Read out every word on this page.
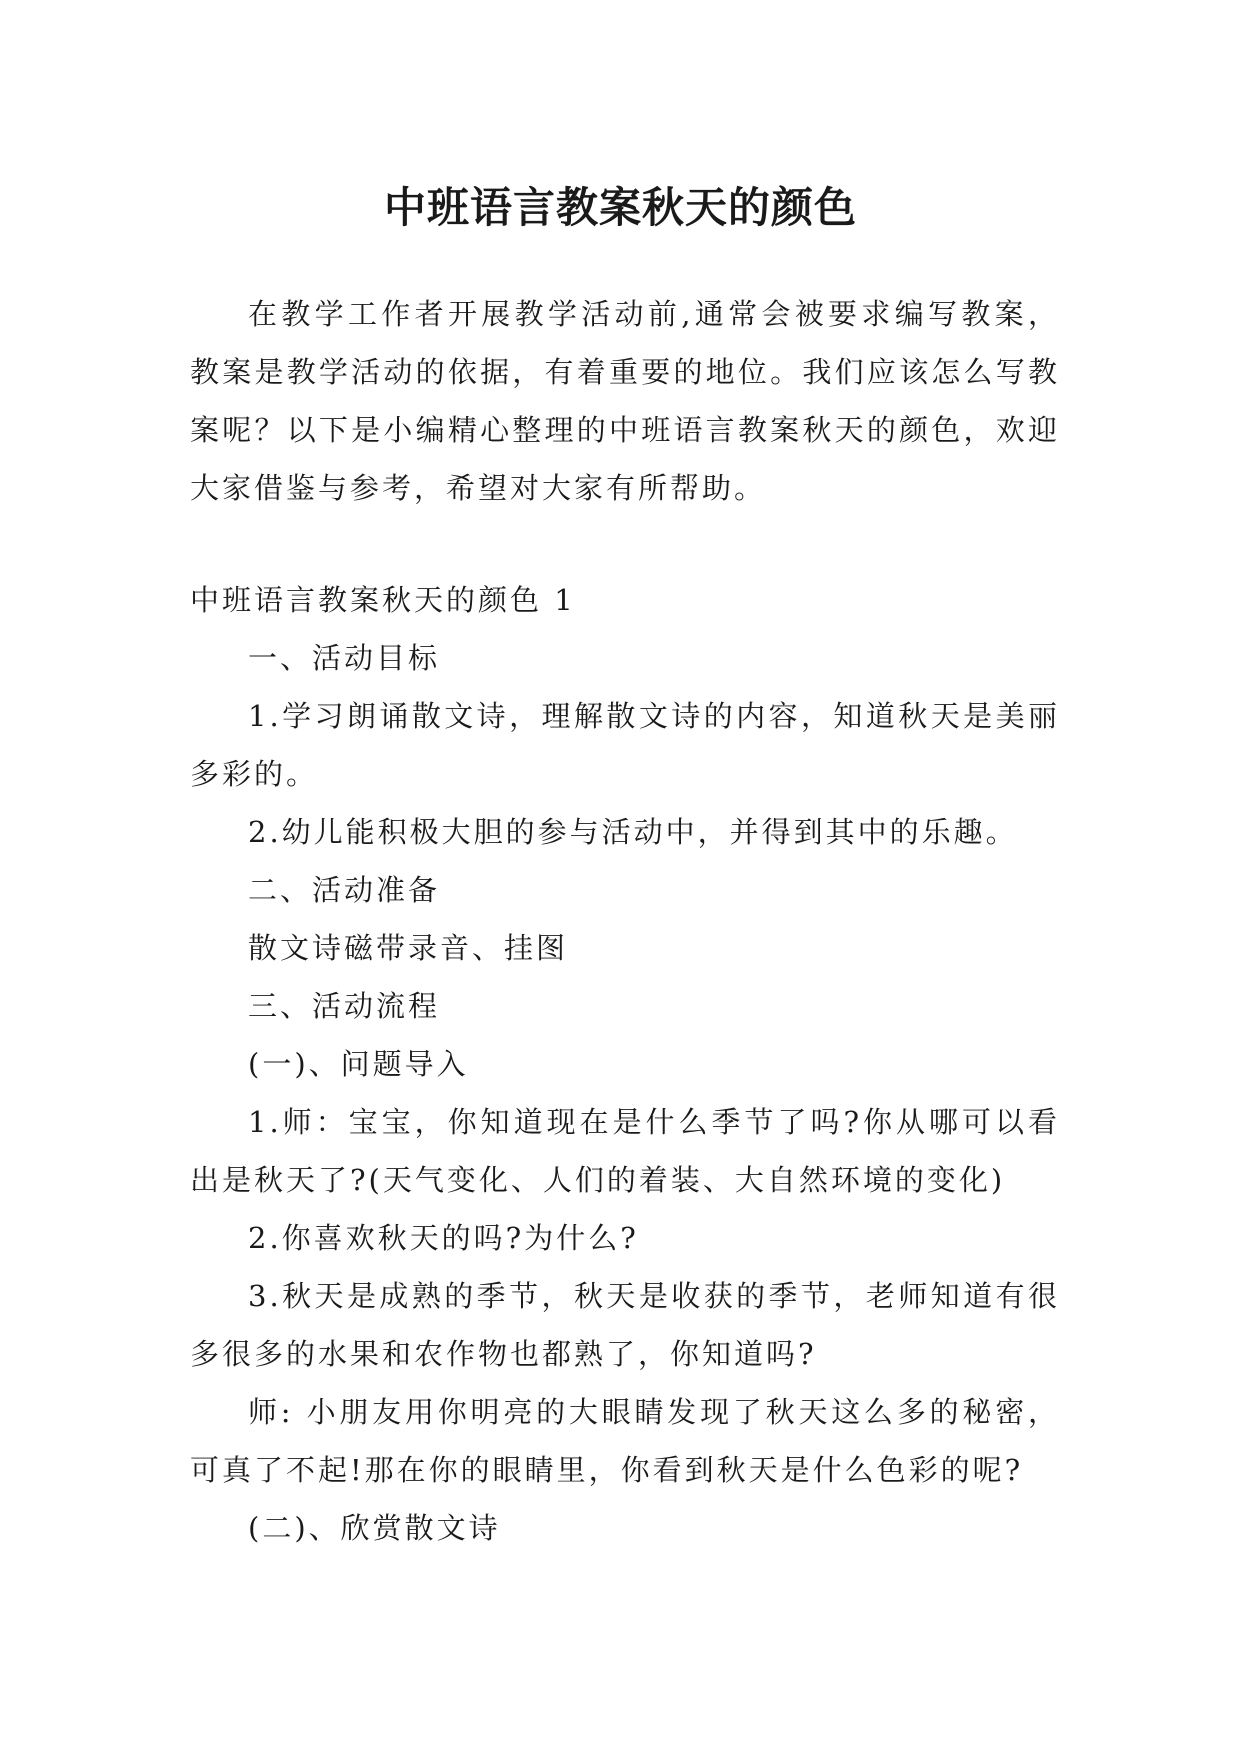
中班语言教案秋天的颜色

在教学工作者开展教学活动前,通常会被要求编写教案，教案是教学活动的依据，有着重要的地位。我们应该怎么写教案呢？以下是小编精心整理的中班语言教案秋天的颜色，欢迎大家借鉴与参考，希望对大家有所帮助。

中班语言教案秋天的颜色 1

一、活动目标

1.学习朗诵散文诗，理解散文诗的内容，知道秋天是美丽多彩的。

2.幼儿能积极大胆的参与活动中，并得到其中的乐趣。

二、活动准备

散文诗磁带录音、挂图

三、活动流程

(一)、问题导入

1.师：宝宝，你知道现在是什么季节了吗?你从哪可以看出是秋天了?(天气变化、人们的着装、大自然环境的变化)

2.你喜欢秋天的吗?为什么?

3.秋天是成熟的季节，秋天是收获的季节，老师知道有很多很多的水果和农作物也都熟了，你知道吗?

师: 小朋友用你明亮的大眼睛发现了秋天这么多的秘密，可真了不起!那在你的眼睛里，你看到秋天是什么色彩的呢?

(二)、欣赏散文诗
